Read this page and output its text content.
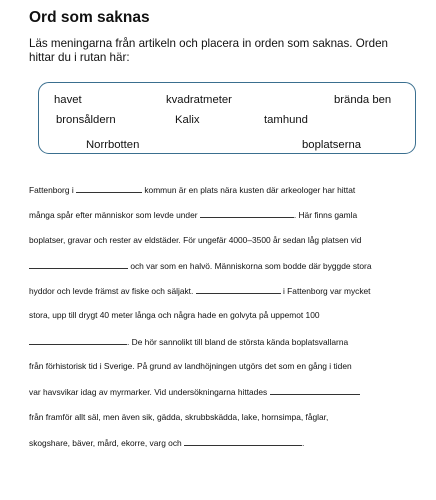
Ord som saknas
Läs meningarna från artikeln och placera in orden som saknas. Orden hittar du i rutan här:
havet	kvadratmeter	brända ben
bronsåldern	Kalix	tamhund
Norrbotten	boplatserna
Fattenborg i	kommun är en plats nära kusten där arkeologer har hittat
många spår efter människor som levde under	. Här finns gamla
boplatser, gravar och rester av eldstäder. För ungefär 4000–3500 år sedan låg platsen vid
och var som en halvö. Människorna som bodde där byggde stora
hyddor och levde främst av fiske och säljakt.	i Fattenborg var mycket
stora, upp till drygt 40 meter långa och några hade en golvyta på uppemot 100
. De hör sannolikt till bland de största kända boplatsvallarna
från förhistorisk tid i Sverige. På grund av landhöjningen utgörs det som en gång i tiden
var havsvikar idag av myrmarker. Vid undersökningarna hittades
från framför allt säl, men även sik, gädda, skrubbskädda, lake, hornsimpa, fåglar,
skogshare, bäver, mård, ekorre, varg och	.
